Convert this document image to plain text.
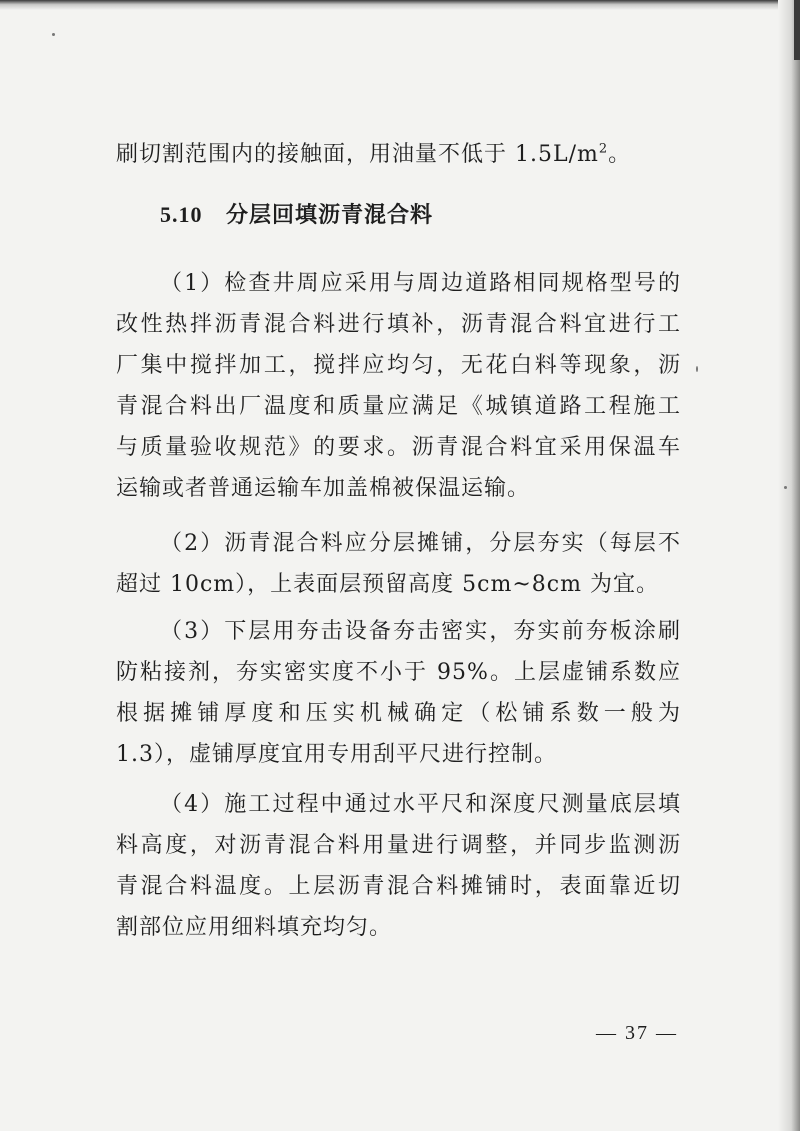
刷切割范围内的接触面，用油量不低于 $1.5L/m^2$。
5.10 分层回填沥青混合料
（1）检查井周应采用与周边道路相同规格型号的
改性热拌沥青混合料进行填补，沥青混合料宜进行工
厂集中搅拌加工，搅拌应均匀，无花白料等现象，沥
青混合料出厂温度和质量应满足《城镇道路工程施工
与质量验收规范》的要求。沥青混合料宜采用保温车
运输或者普通运输车加盖棉被保温运输。
（2）沥青混合料应分层摊铺，分层夯实（每层不
超过 10cm），上表面层预留高度 5cm~8cm 为宜。
（3）下层用夯击设备夯击密实，夯实前夯板涂刷
防粘接剂，夯实密实度不小于 95%。上层虚铺系数应
根据摊铺厚度和压实机械确定（松铺系数一般为
1.3），虚铺厚度宜用专用刮平尺进行控制。
（4）施工过程中通过水平尺和深度尺测量底层填
料高度，对沥青混合料用量进行调整，并同步监测沥
青混合料温度。上层沥青混合料摊铺时，表面靠近切
割部位应用细料填充均匀。
— 37 —
